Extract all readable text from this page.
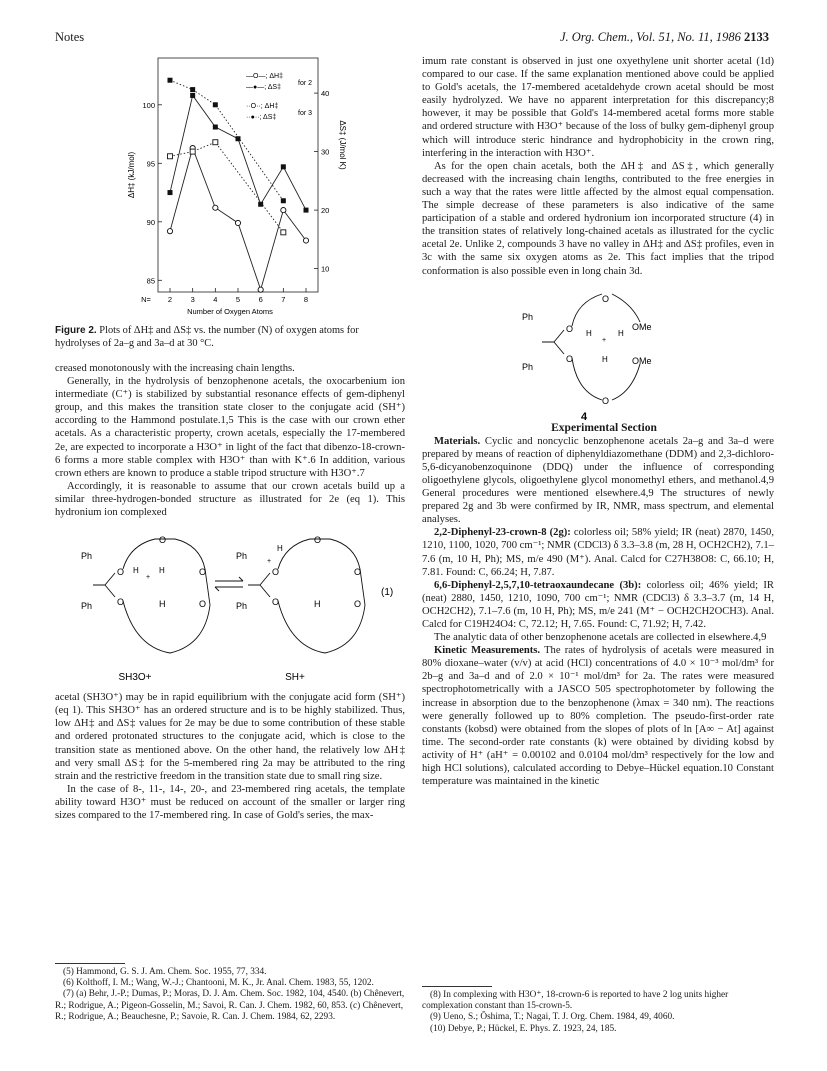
Notes	J. Org. Chem., Vol. 51, No. 11, 1986 2133
85
90
95
100
10
20
30
40
2 3 4 5 6 7 8
N=
Number of Oxygen Atoms
ΔH‡ (kJ/mol)
ΔS‡ (J/mol K)
—O—; ΔH‡
—●—; ΔS‡
··O··; ΔH‡
··●··; ΔS‡
for 2
for 3
Figure 2. Plots of ΔH‡ and ΔS‡ vs. the number (N) of oxygen atoms for hydrolyses of 2a–g and 3a–d at 30 °C.

creased monotonously with the increasing chain lengths.

Generally, in the hydrolysis of benzophenone acetals, the oxocarbenium ion intermediate (C⁺) is stabilized by substantial resonance effects of gem-diphenyl group, and this makes the transition state closer to the conjugate acid (SH⁺) according to the Hammond postulate.1,5 This is the case with our crown ether acetals. As a characteristic property, crown acetals, especially the 17-membered 2e, are expected to incorporate a H3O⁺ in light of the fact that dibenzo-18-crown-6 forms a more stable complex with H3O⁺ than with K⁺.6 In addition, various crown ethers are known to produce a stable tripod structure with H3O⁺.7

Accordingly, it is reasonable to assume that our crown acetals build up a similar three-hydrogen-bonded structure as illustrated for 2e (eq 1). This hydronium ion complexed

Ph
Ph
O
O
O
O
O
H
Ph
Ph
O
O
O
O
O
H
H	H
+
H
+
(1)
SH3O+	SH+

acetal (SH3O⁺) may be in rapid equilibrium with the conjugate acid form (SH⁺) (eq 1). This SH3O⁺ has an ordered structure and is to be highly stabilized. Thus, low ΔH‡ and ΔS‡ values for 2e may be due to some contribution of these stable and ordered protonated structures to the conjugate acid, which is close to the transition state as mentioned above. On the other hand, the relatively low ΔH‡ and very small ΔS‡ for the 5-membered ring 2a may be attributed to the ring strain and the restrictive freedom in the transition state due to small ring size.

In the case of 8-, 11-, 14-, 20-, and 23-membered ring acetals, the template ability toward H3O⁺ must be reduced on account of the smaller or larger ring sizes compared to the 17-membered ring. In case of Gold's series, the max-

(5) Hammond, G. S. J. Am. Chem. Soc. 1955, 77, 334.

(6) Kolthoff, I. M.; Wang, W.-J.; Chantooni, M. K., Jr. Anal. Chem. 1983, 55, 1202.

(7) (a) Behr, J.-P.; Dumas, P.; Moras, D. J. Am. Chem. Soc. 1982, 104, 4540. (b) Chênevert, R.; Rodrigue, A.; Pigeon-Gosselin, M.; Savoi, R. Can. J. Chem. 1982, 60, 853. (c) Chênevert, R.; Rodrigue, A.; Beauchesne, P.; Savoie, R. Can. J. Chem. 1984, 62, 2293.

imum rate constant is observed in just one oxyethylene unit shorter acetal (1d) compared to our case. If the same explanation mentioned above could be applied to Gold's acetals, the 17-membered acetaldehyde crown acetal should be most easily hydrolyzed. We have no apparent interpretation for this discrepancy;8 however, it may be possible that Gold's 14-membered acetal forms more stable and ordered structure with H3O⁺ because of the loss of bulky gem-diphenyl group which will introduce steric hindrance and hydrophobicity in the crown ring, interfering in the interaction with H3O⁺.

As for the open chain acetals, both the ΔH‡ and ΔS‡, which generally decreased with the increasing chain lengths, contributed to the free energies in such a way that the rates were little affected by the almost equal compensation. The simple decrease of these parameters is also indicative of the same participation of a stable and ordered hydronium ion incorporated structure (4) in the transition states of relatively long-chained acetals as illustrated for the cyclic acetal 2e. Unlike 2, compounds 3 have no valley in ΔH‡ and ΔS‡ profiles, even in 3c with the same six oxygen atoms as 2e. This fact implies that the tripod conformation is also possible even in long chain 3d.

Ph
Ph
O
O
O
O
H	H
H
+
OMe
OMe
4

Experimental Section

Materials. Cyclic and noncyclic benzophenone acetals 2a–g and 3a–d were prepared by means of reaction of diphenyldiazomethane (DDM) and 2,3-dichloro-5,6-dicyanobenzoquinone (DDQ) under the influence of corresponding oligoethylene glycols, oligoethylene glycol monomethyl ethers, and methanol.4,9 General procedures were mentioned elsewhere.4,9 The structures of newly prepared 2g and 3b were confirmed by IR, NMR, mass spectrum, and elemental analyses.

2,2-Diphenyl-23-crown-8 (2g): colorless oil; 58% yield; IR (neat) 2870, 1450, 1210, 1100, 1020, 700 cm⁻¹; NMR (CDCl3) δ 3.3–3.8 (m, 28 H, OCH2CH2), 7.1–7.6 (m, 10 H, Ph); MS, m/e 490 (M⁺). Anal. Calcd for C27H38O8: C, 66.10; H, 7.81. Found: C, 66.24; H, 7.87.

6,6-Diphenyl-2,5,7,10-tetraoxaundecane (3b): colorless oil; 46% yield; IR (neat) 2880, 1450, 1210, 1090, 700 cm⁻¹; NMR (CDCl3) δ 3.3–3.7 (m, 14 H, OCH2CH2), 7.1–7.6 (m, 10 H, Ph); MS, m/e 241 (M⁺ − OCH2CH2OCH3). Anal. Calcd for C19H24O4: C, 72.12; H, 7.65. Found: C, 71.92; H, 7.42.

The analytic data of other benzophenone acetals are collected in elsewhere.4,9

Kinetic Measurements. The rates of hydrolysis of acetals were measured in 80% dioxane–water (v/v) at acid (HCl) concentrations of 4.0 × 10⁻³ mol/dm³ for 2b–g and 3a–d and of 2.0 × 10⁻¹ mol/dm³ for 2a. The rates were measured spectrophotometrically with a JASCO 505 spectrophotometer by following the increase in absorption due to the benzophenone (λmax = 340 nm). The reactions were generally followed up to 80% completion. The pseudo-first-order rate constants (kobsd) were obtained from the slopes of plots of ln [A∞ − At] against time. The second-order rate constants (k) were obtained by dividing kobsd by activity of H⁺ (aH⁺ = 0.00102 and 0.0104 mol/dm³ respectively for the low and high HCl solutions), calculated according to Debye–Hückel equation.10 Constant temperature was maintained in the kinetic

(8) In complexing with H3O⁺, 18-crown-6 is reported to have 2 log units higher complexation constant than 15-crown-5.

(9) Ueno, S.; Ōshima, T.; Nagai, T. J. Org. Chem. 1984, 49, 4060.

(10) Debye, P.; Hückel, E. Phys. Z. 1923, 24, 185.
